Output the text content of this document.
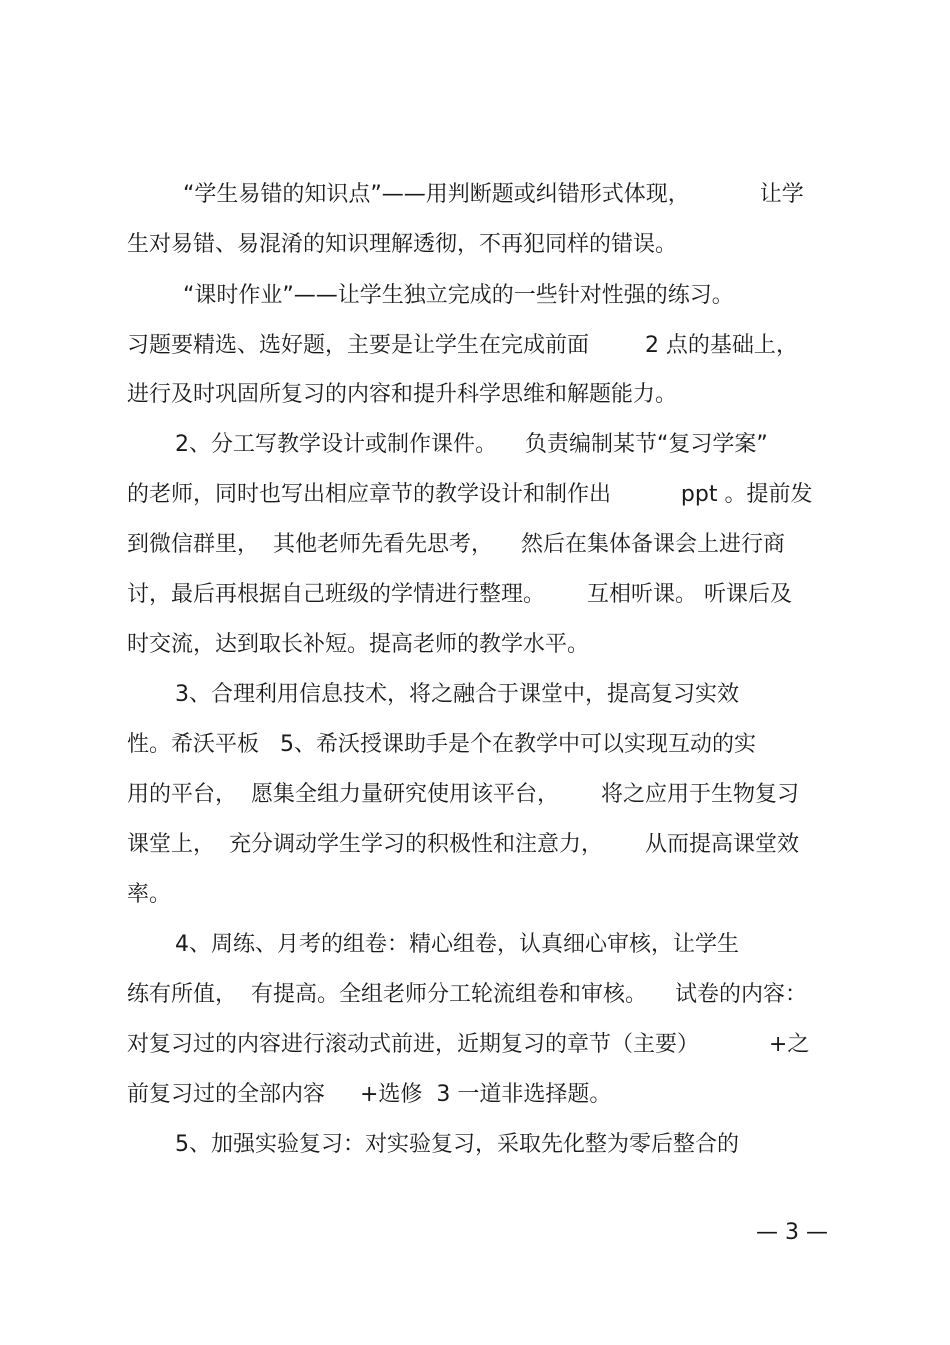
“学生易错的知识点”——用判断题或纠错形式体现，          让学
生对易错、易混淆的知识理解透彻，不再犯同样的错误。
“课时作业”——让学生独立完成的一些针对性强的练习。
习题要精选、选好题，主要是让学生在完成前面        2 点的基础上，
进行及时巩固所复习的内容和提升科学思维和解题能力。
2、分工写教学设计或制作课件。    负责编制某节“复习学案”
的老师，同时也写出相应章节的教学设计和制作出          ppt 。提前发
到微信群里，  其他老师先看先思考，    然后在集体备课会上进行商
讨，最后再根据自己班级的学情进行整理。      互相听课。 听课后及
时交流，达到取长补短。提高老师的教学水平。
3、合理利用信息技术，将之融合于课堂中，提高复习实效
性。希沃平板   5、希沃授课助手是个在教学中可以实现互动的实
用的平台，  愿集全组力量研究使用该平台，      将之应用于生物复习
课堂上，  充分调动学生学习的积极性和注意力，      从而提高课堂效
率。
4、周练、月考的组卷：精心组卷，认真细心审核，让学生
练有所值，  有提高。全组老师分工轮流组卷和审核。    试卷的内容：
对复习过的内容进行滚动式前进，近期复习的章节（主要）          +之
前复习过的全部内容     +选修  3 一道非选择题。
5、加强实验复习：对实验复习，采取先化整为零后整合的
— 3 —
